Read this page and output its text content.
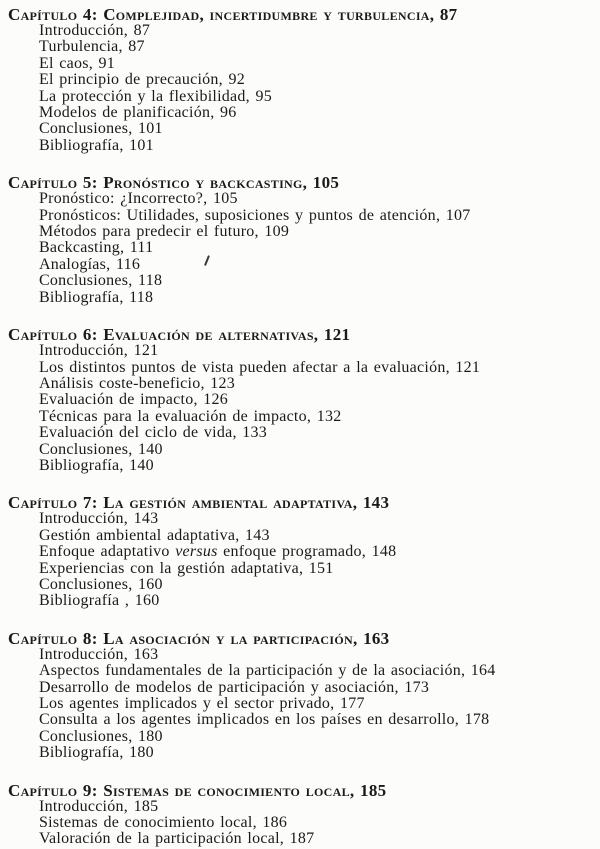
Capítulo 4: Complejidad, incertidumbre y turbulencia, 87
Introducción, 87
Turbulencia, 87
El caos, 91
El principio de precaución, 92
La protección y la flexibilidad, 95
Modelos de planificación, 96
Conclusiones, 101
Bibliografía, 101
Capítulo 5: Pronóstico y backcasting, 105
Pronóstico: ¿Incorrecto?, 105
Pronósticos: Utilidades, suposiciones y puntos de atención, 107
Métodos para predecir el futuro, 109
Backcasting, 111
Analogías, 116
Conclusiones, 118
Bibliografía, 118
Capítulo 6: Evaluación de alternativas, 121
Introducción, 121
Los distintos puntos de vista pueden afectar a la evaluación, 121
Análisis coste-beneficio, 123
Evaluación de impacto, 126
Técnicas para la evaluación de impacto, 132
Evaluación del ciclo de vida, 133
Conclusiones, 140
Bibliografía, 140
Capítulo 7: La gestión ambiental adaptativa, 143
Introducción, 143
Gestión ambiental adaptativa, 143
Enfoque adaptativo versus enfoque programado, 148
Experiencias con la gestión adaptativa, 151
Conclusiones, 160
Bibliografía , 160
Capítulo 8: La asociación y la participación, 163
Introducción, 163
Aspectos fundamentales de la participación y de la asociación, 164
Desarrollo de modelos de participación y asociación, 173
Los agentes implicados y el sector privado, 177
Consulta a los agentes implicados en los países en desarrollo, 178
Conclusiones, 180
Bibliografía, 180
Capítulo 9: Sistemas de conocimiento local, 185
Introducción, 185
Sistemas de conocimiento local, 186
Valoración de la participación local, 187
